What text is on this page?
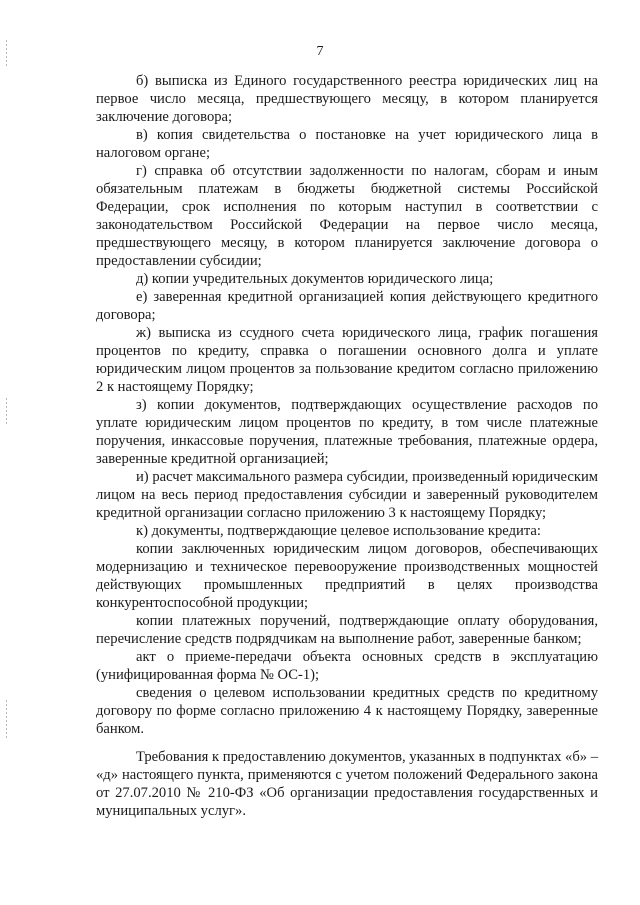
7

б) выписка из Единого государственного реестра юридических лиц на первое число месяца, предшествующего месяцу, в котором планируется заключение договора;

в) копия свидетельства о постановке на учет юридического лица в налоговом органе;

г) справка об отсутствии задолженности по налогам, сборам и иным обязательным платежам в бюджеты бюджетной системы Российской Федерации, срок исполнения по которым наступил в соответствии с законодательством Российской Федерации на первое число месяца, предшествующего месяцу, в котором планируется заключение договора о предоставлении субсидии;

д) копии учредительных документов юридического лица;

е) заверенная кредитной организацией копия действующего кредитного договора;

ж) выписка из ссудного счета юридического лица, график погашения процентов по кредиту, справка о погашении основного долга и уплате юридическим лицом процентов за пользование кредитом согласно приложению 2 к настоящему Порядку;

з) копии документов, подтверждающих осуществление расходов по уплате юридическим лицом процентов по кредиту, в том числе платежные поручения, инкассовые поручения, платежные требования, платежные ордера, заверенные кредитной организацией;

и) расчет максимального размера субсидии, произведенный юридическим лицом на весь период предоставления субсидии и заверенный руководителем кредитной организации согласно приложению 3 к настоящему Порядку;

к) документы, подтверждающие целевое использование кредита:

копии заключенных юридическим лицом договоров, обеспечивающих модернизацию и техническое перевооружение производственных мощностей действующих промышленных предприятий в целях производства конкурентоспособной продукции;

копии платежных поручений, подтверждающие оплату оборудования, перечисление средств подрядчикам на выполнение работ, заверенные банком;

акт о приеме-передачи объекта основных средств в эксплуатацию (унифицированная форма № ОС-1);

сведения о целевом использовании кредитных средств по кредитному договору по форме согласно приложению 4 к настоящему Порядку, заверенные банком.

Требования к предоставлению документов, указанных в подпунктах «б» – «д» настоящего пункта, применяются с учетом положений Федерального закона от 27.07.2010 № 210-ФЗ «Об организации предоставления государственных и муниципальных услуг».
